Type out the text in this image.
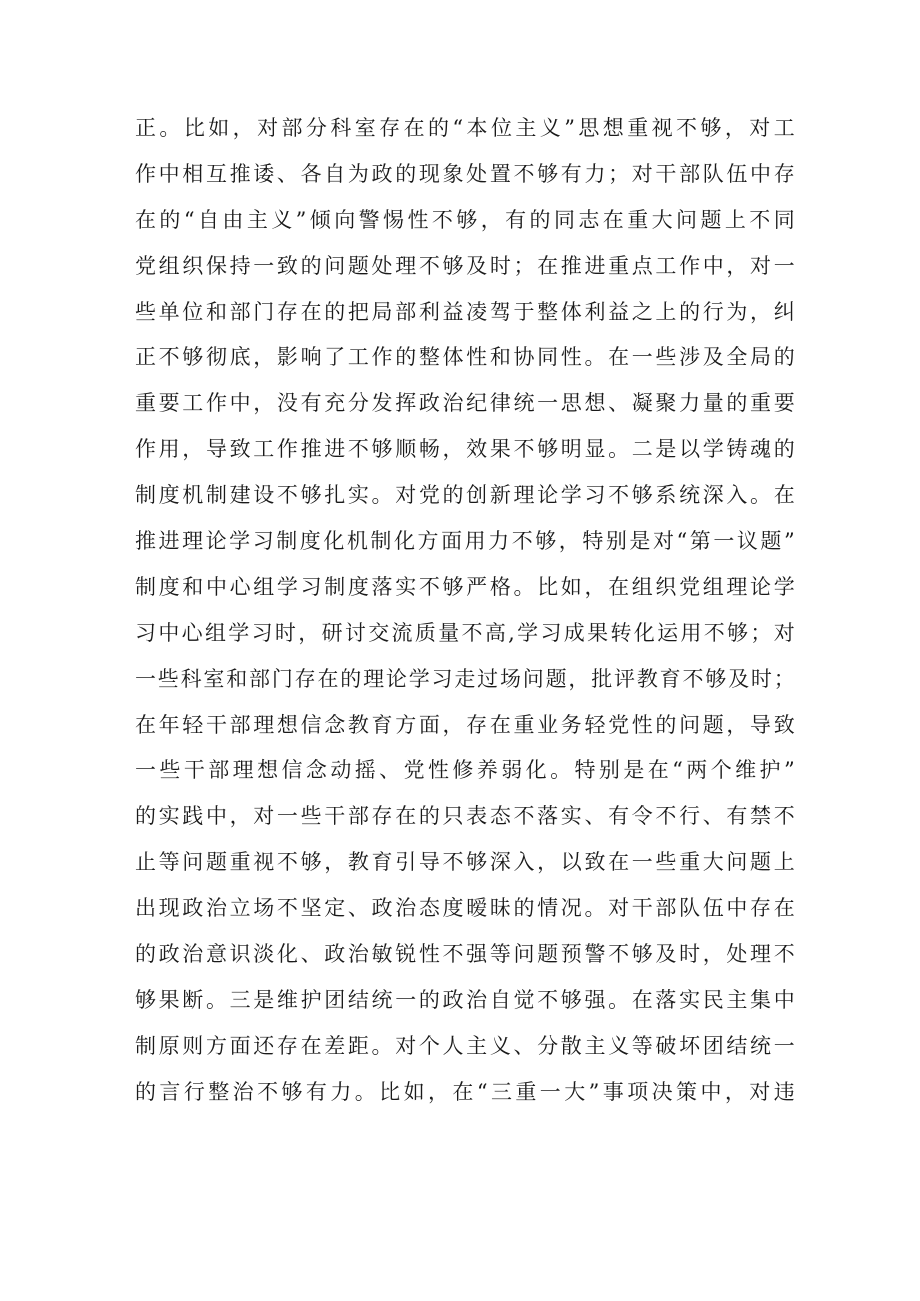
正。比如，对部分科室存在的“本位主义”思想重视不够，对工
作中相互推诿、各自为政的现象处置不够有力；对干部队伍中存
在的“自由主义”倾向警惕性不够，有的同志在重大问题上不同
党组织保持一致的问题处理不够及时；在推进重点工作中，对一
些单位和部门存在的把局部利益凌驾于整体利益之上的行为，纠
正不够彻底，影响了工作的整体性和协同性。在一些涉及全局的
重要工作中，没有充分发挥政治纪律统一思想、凝聚力量的重要
作用，导致工作推进不够顺畅，效果不够明显。二是以学铸魂的
制度机制建设不够扎实。对党的创新理论学习不够系统深入。在
推进理论学习制度化机制化方面用力不够，特别是对“第一议题”
制度和中心组学习制度落实不够严格。比如，在组织党组理论学
习中心组学习时，研讨交流质量不高,学习成果转化运用不够；对
一些科室和部门存在的理论学习走过场问题，批评教育不够及时；
在年轻干部理想信念教育方面，存在重业务轻党性的问题，导致
一些干部理想信念动摇、党性修养弱化。特别是在“两个维护”
的实践中，对一些干部存在的只表态不落实、有令不行、有禁不
止等问题重视不够，教育引导不够深入，以致在一些重大问题上
出现政治立场不坚定、政治态度暧昧的情况。对干部队伍中存在
的政治意识淡化、政治敏锐性不强等问题预警不够及时，处理不
够果断。三是维护团结统一的政治自觉不够强。在落实民主集中
制原则方面还存在差距。对个人主义、分散主义等破坏团结统一
的言行整治不够有力。比如，在“三重一大”事项决策中，对违
